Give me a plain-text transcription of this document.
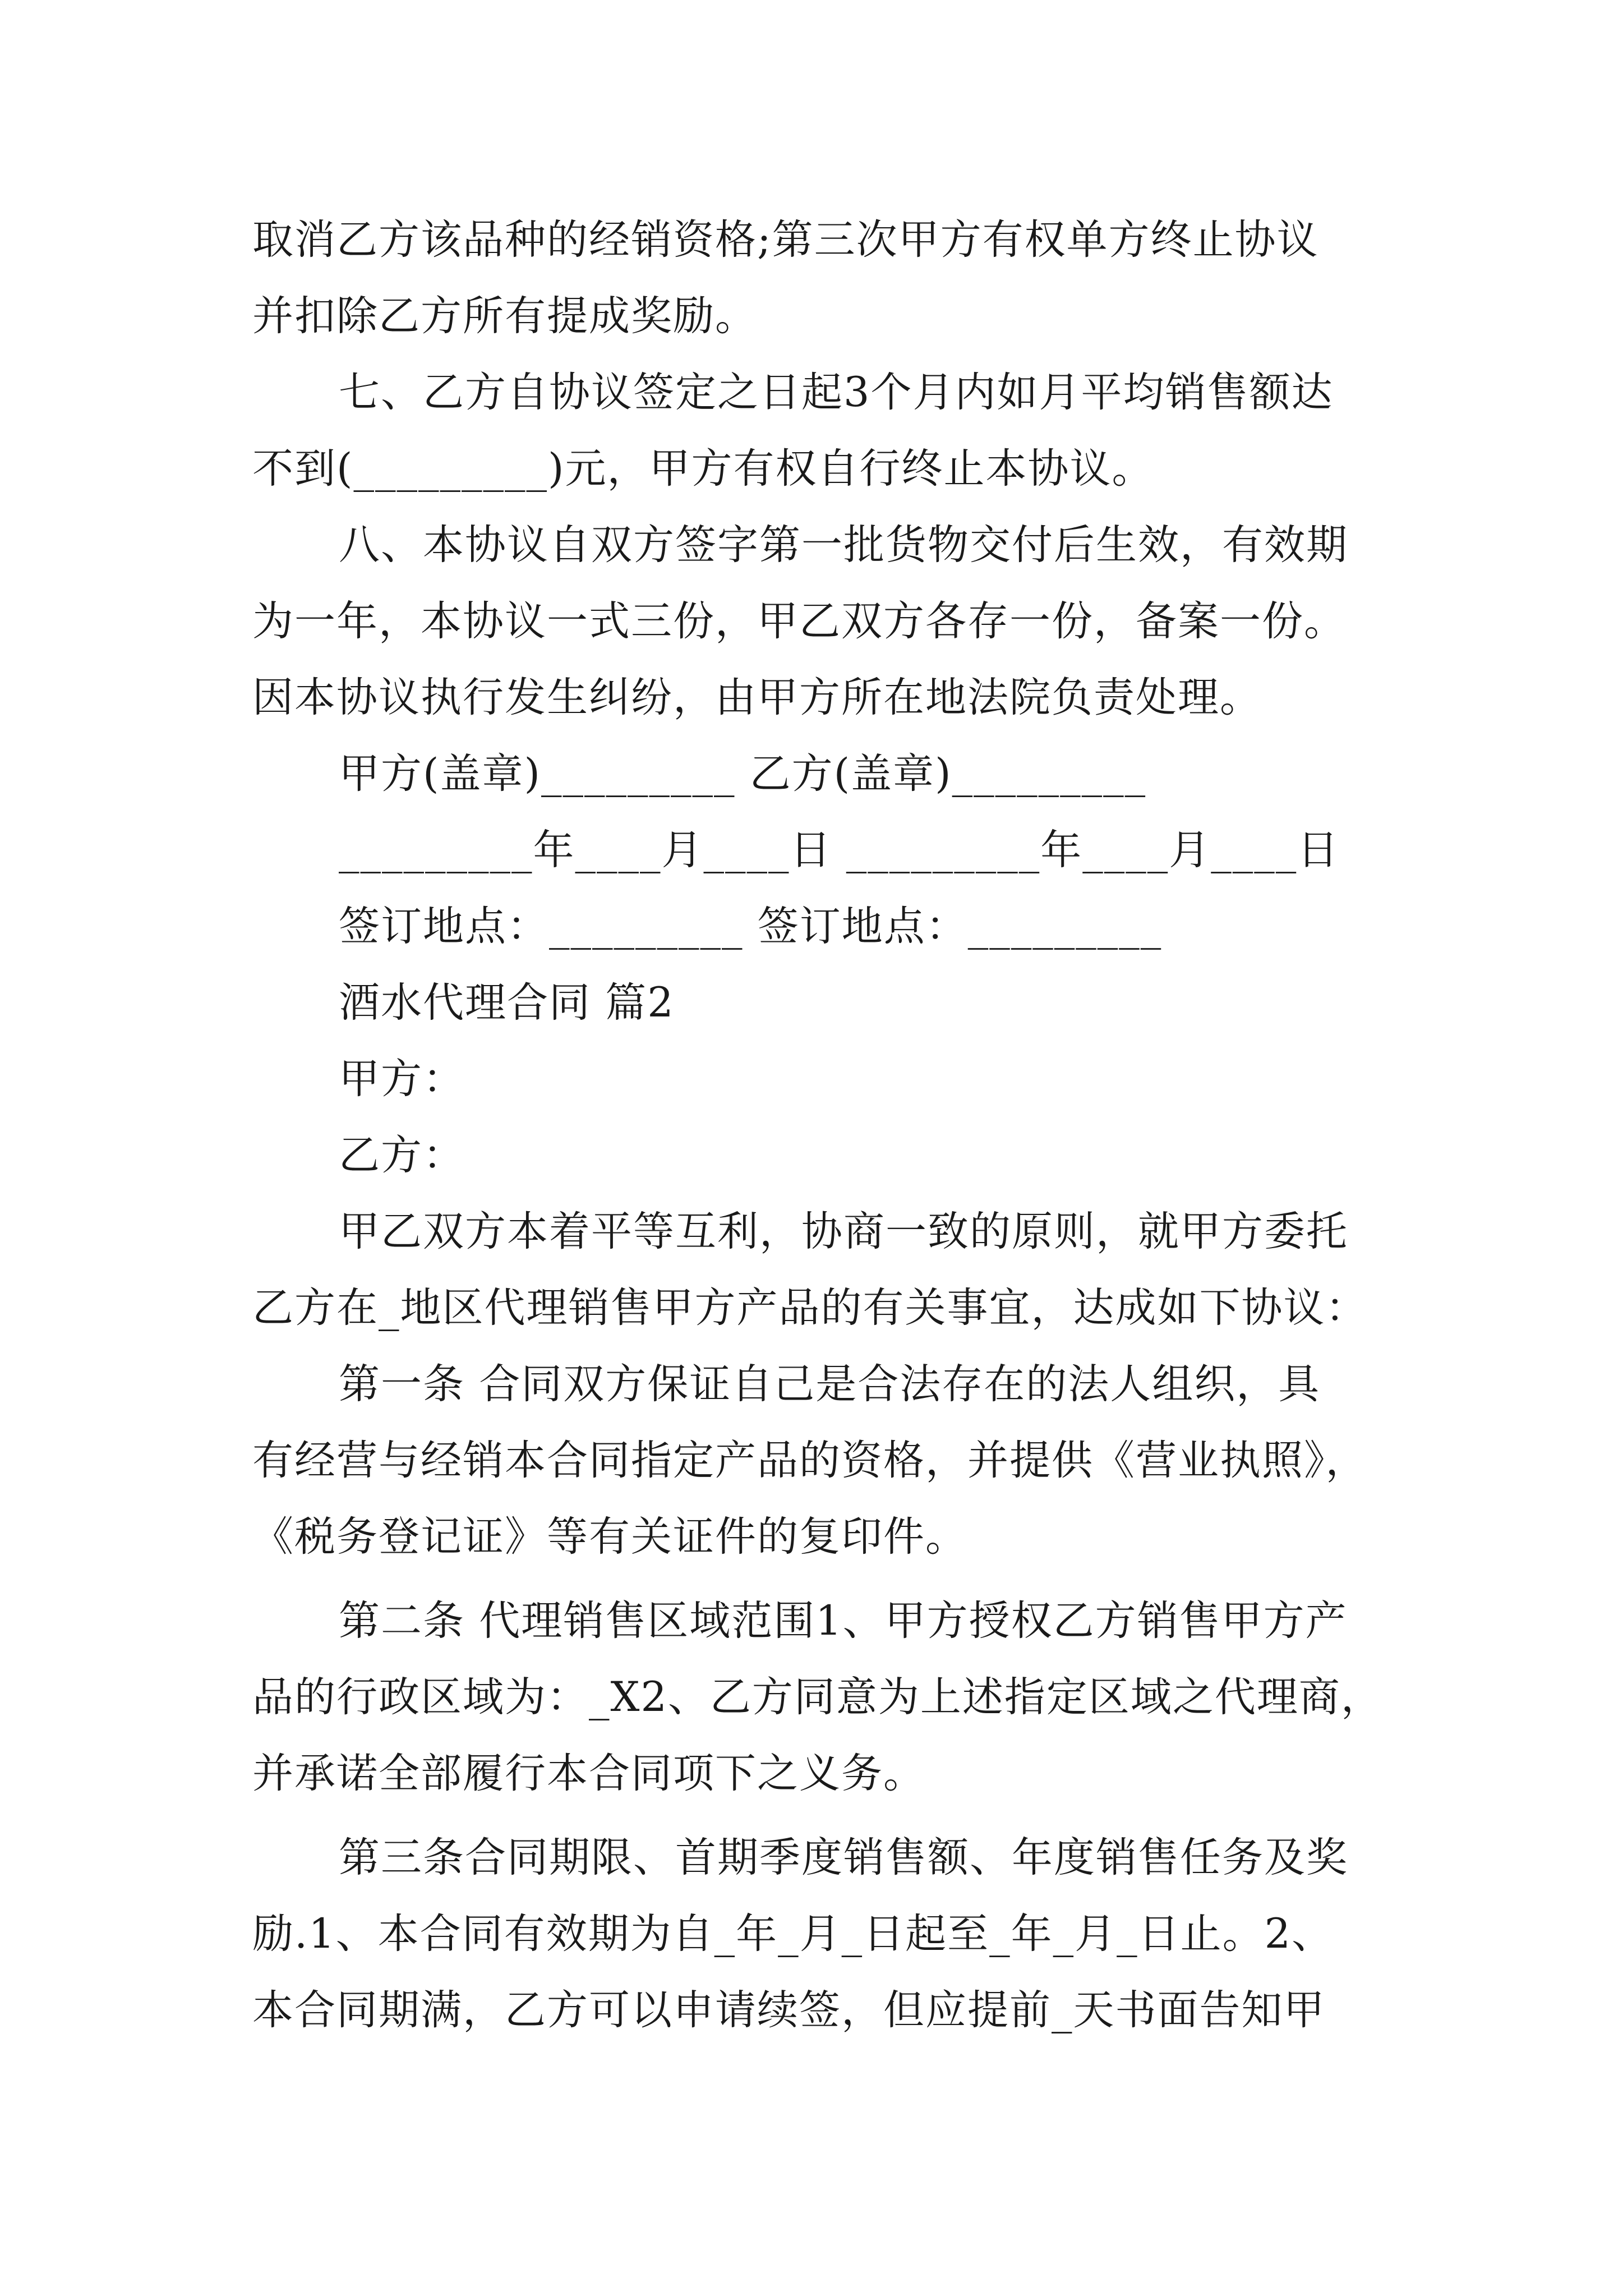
取消乙方该品种的经销资格;第三次甲方有权单方终止协议

并扣除乙方所有提成奖励。

七、乙方自协议签定之日起3个月内如月平均销售额达

不到(_________)元，甲方有权自行终止本协议。

八、本协议自双方签字第一批货物交付后生效，有效期

为一年，本协议一式三份，甲乙双方各存一份，备案一份。

因本协议执行发生纠纷，由甲方所在地法院负责处理。

甲方(盖章)_________ 乙方(盖章)_________

_________年____月____日 _________年____月____日

签订地点：_________ 签订地点：_________

酒水代理合同 篇2

甲方：

乙方：

甲乙双方本着平等互利，协商一致的原则，就甲方委托

乙方在_地区代理销售甲方产品的有关事宜，达成如下协议：

第一条 合同双方保证自己是合法存在的法人组织，具

有经营与经销本合同指定产品的资格，并提供《营业执照》，

《税务登记证》等有关证件的复印件。

第二条 代理销售区域范围1、甲方授权乙方销售甲方产

品的行政区域为：_X2、乙方同意为上述指定区域之代理商，

并承诺全部履行本合同项下之义务。

第三条合同期限、首期季度销售额、年度销售任务及奖

励.1、本合同有效期为自_年_月_日起至_年_月_日止。2、

本合同期满，乙方可以申请续签，但应提前_天书面告知甲
